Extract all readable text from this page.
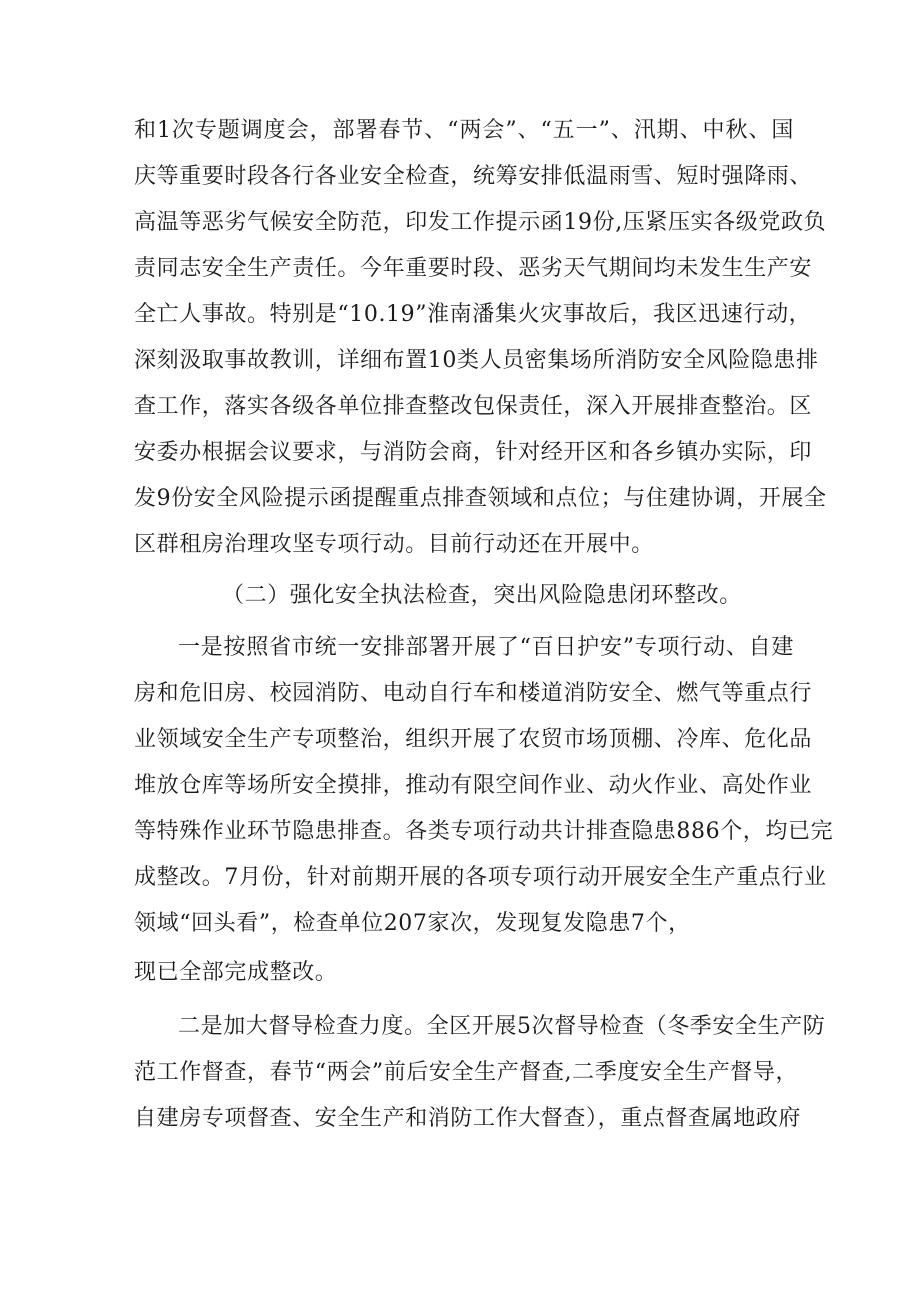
和1次专题调度会，部署春节、“两会”、“五一”、汛期、中秋、国
庆等重要时段各行各业安全检查，统筹安排低温雨雪、短时强降雨、
高温等恶劣气候安全防范，印发工作提示函19份,压紧压实各级党政负
责同志安全生产责任。今年重要时段、恶劣天气期间均未发生生产安
全亡人事故。特别是“10.19”淮南潘集火灾事故后，我区迅速行动，
深刻汲取事故教训，详细布置10类人员密集场所消防安全风险隐患排
查工作，落实各级各单位排查整改包保责任，深入开展排查整治。区
安委办根据会议要求，与消防会商，针对经开区和各乡镇办实际，印
发9份安全风险提示函提醒重点排查领域和点位；与住建协调，开展全
区群租房治理攻坚专项行动。目前行动还在开展中。
（二）强化安全执法检查，突出风险隐患闭环整改。
一是按照省市统一安排部署开展了“百日护安”专项行动、自建
房和危旧房、校园消防、电动自行车和楼道消防安全、燃气等重点行
业领域安全生产专项整治，组织开展了农贸市场顶棚、冷库、危化品
堆放仓库等场所安全摸排，推动有限空间作业、动火作业、高处作业
等特殊作业环节隐患排查。各类专项行动共计排查隐患886个，均已完
成整改。7月份，针对前期开展的各项专项行动开展安全生产重点行业
领域“回头看”，检查单位207家次，发现复发隐患7个，
现已全部完成整改。
二是加大督导检查力度。全区开展5次督导检查（冬季安全生产防
范工作督查，春节“两会”前后安全生产督查,二季度安全生产督导，
自建房专项督查、安全生产和消防工作大督查），重点督查属地政府
